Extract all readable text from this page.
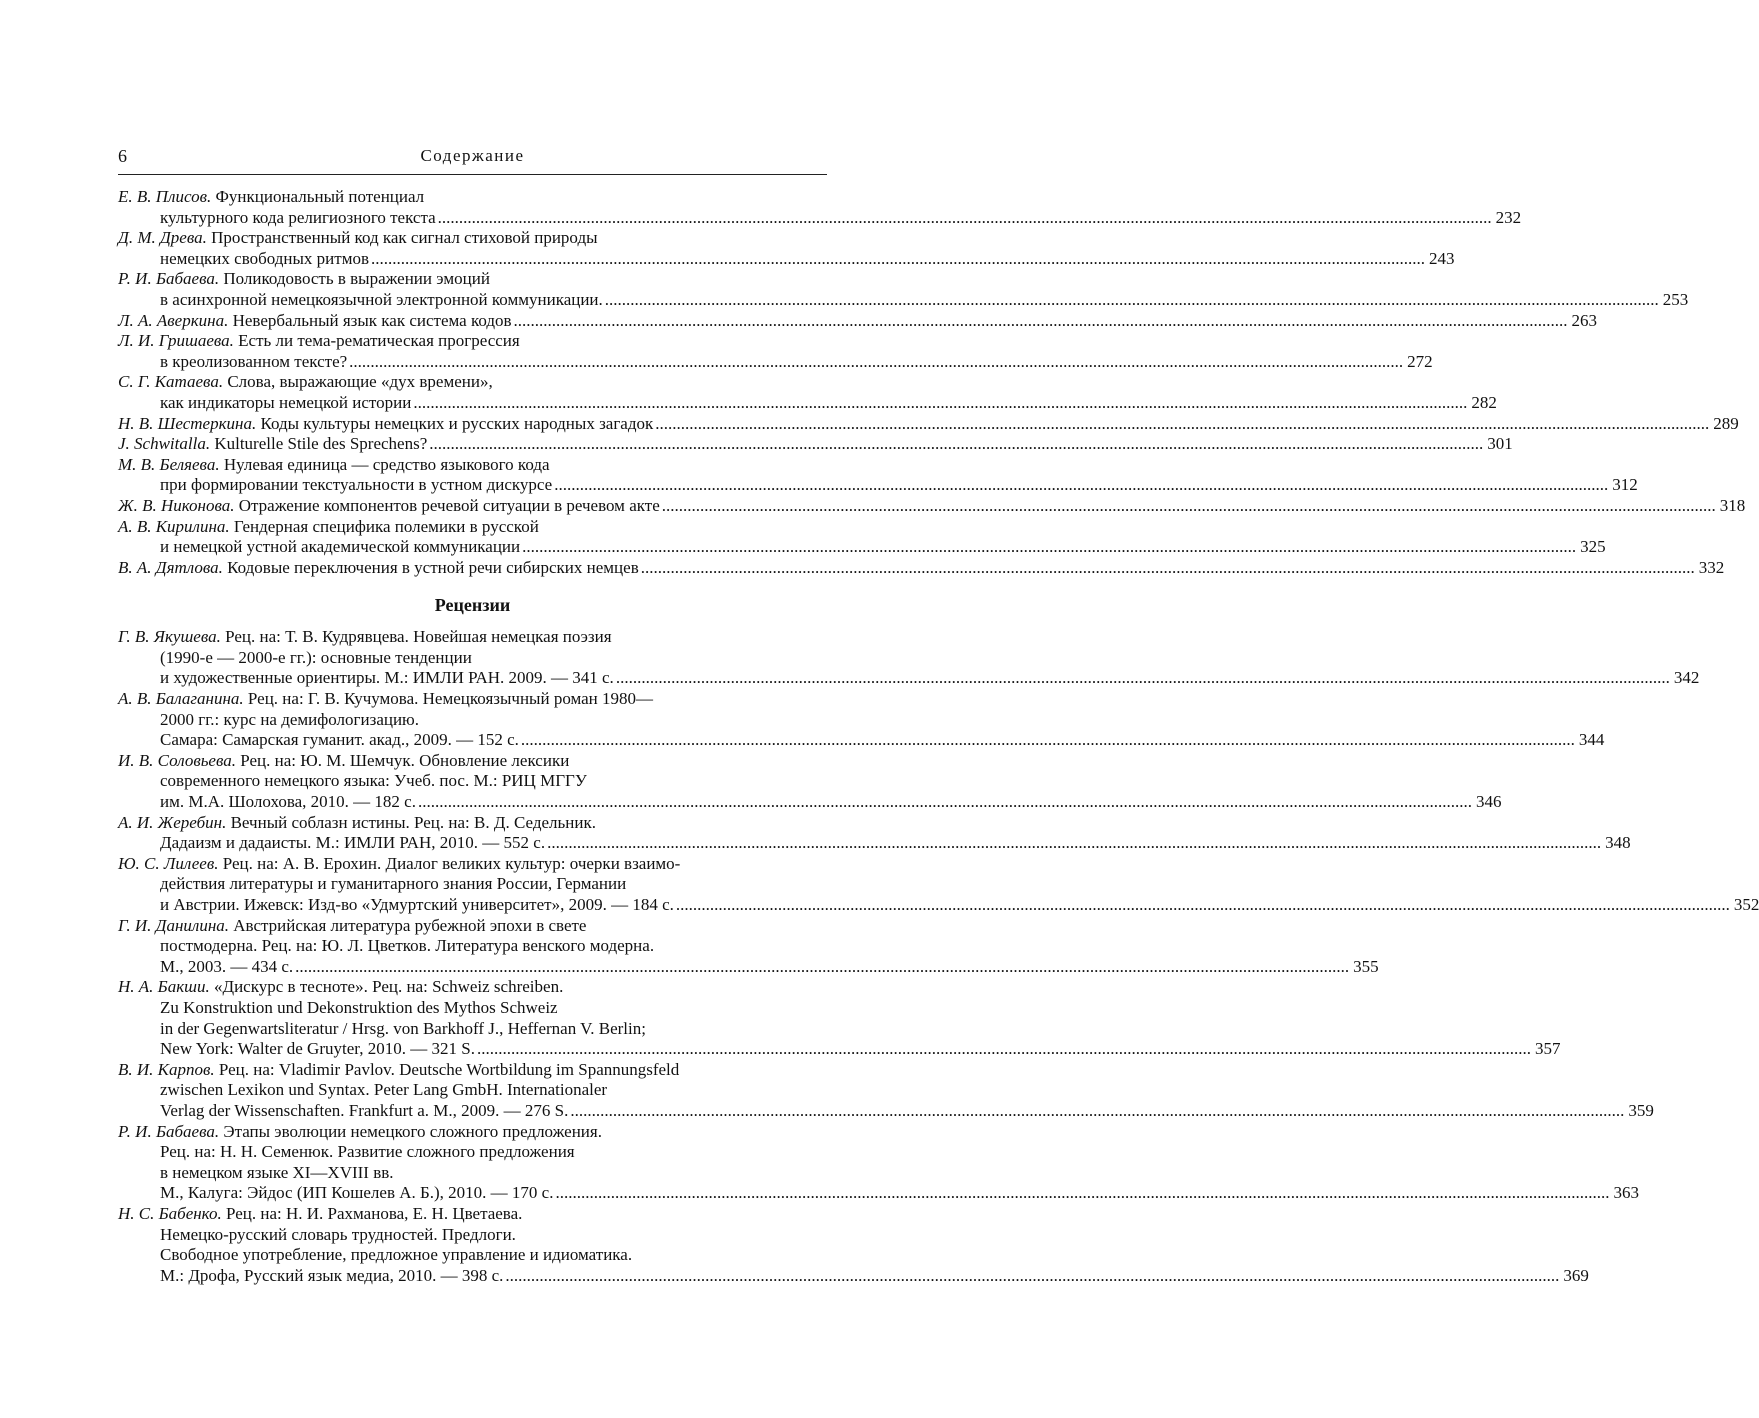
6	Содержание
Е. В. Плисов. Функциональный потенциал
культурного кода религиозного текста .....	232
Д. М. Древа. Пространственный код как сигнал стиховой природы
немецких свободных ритмов .....	243
Р. И. Бабаева. Поликодовость в выражении эмоций
в асинхронной немецкоязычной электронной коммуникации. .....	253
Л. А. Аверкина. Невербальный язык как система кодов .....	263
Л. И. Гришаева. Есть ли тема-рематическая прогрессия
в креолизованном тексте? .....	272
С. Г. Катаева. Слова, выражающие «дух времени»,
как индикаторы немецкой истории .....	282
Н. В. Шестеркина. Коды культуры немецких и русских народных загадок .....	289
J. Schwitalla. Kulturelle Stile des Sprechens? .....	301
М. В. Беляева. Нулевая единица — средство языкового кода
при формировании текстуальности в устном дискурсе .....	312
Ж. В. Никонова. Отражение компонентов речевой ситуации в речевом акте .....	318
А. В. Кирилина. Гендерная специфика полемики в русской
и немецкой устной академической коммуникации .....	325
В. А. Дятлова. Кодовые переключения в устной речи сибирских немцев .....	332
Рецензии
Г. В. Якушева. Рец. на: Т. В. Кудрявцева. Новейшая немецкая поэзия
(1990-е — 2000-е гг.): основные тенденции
и художественные ориентиры. М.: ИМЛИ РАН. 2009. — 341 с. .....	342
А. В. Балаганина. Рец. на: Г. В. Кучумова. Немецкоязычный роман 1980—
2000 гг.: курс на демифологизацию.
Самара: Самарская гуманит. акад., 2009. — 152 с. .....	344
И. В. Соловьева. Рец. на: Ю. М. Шемчук. Обновление лексики
современного немецкого языка: Учеб. пос. М.: РИЦ МГГУ
им. М.А. Шолохова, 2010. — 182 с. .....	346
А. И. Жеребин. Вечный соблазн истины. Рец. на: В. Д. Седельник.
Дадаизм и дадаисты. М.: ИМЛИ РАН, 2010. — 552 с. .....	348
Ю. С. Лилеев. Рец. на: А. В. Ерохин. Диалог великих культур: очерки взаимо-
действия литературы и гуманитарного знания России, Германии
и Австрии. Ижевск: Изд-во «Удмуртский университет», 2009. — 184 с. .....	352
Г. И. Данилина. Австрийская литература рубежной эпохи в свете
постмодерна. Рец. на: Ю. Л. Цветков. Литература венского модерна.
М., 2003. — 434 с. .....	355
Н. А. Бакши. «Дискурс в тесноте». Рец. на: Schweiz schreiben.
Zu Konstruktion und Dekonstruktion des Mythos Schweiz
in der Gegenwartsliteratur / Hrsg. von Barkhoff J., Heffernan V. Berlin;
New York: Walter de Gruyter, 2010. — 321 S. .....	357
В. И. Карпов. Рец. на: Vladimir Pavlov. Deutsche Wortbildung im Spannungsfeld
zwischen Lexikon und Syntax. Peter Lang GmbH. Internationaler
Verlag der Wissenschaften. Frankfurt a. M., 2009. — 276 S. .....	359
Р. И. Бабаева. Этапы эволюции немецкого сложного предложения.
Рец. на: Н. Н. Семенюк. Развитие сложного предложения
в немецком языке XI—XVIII вв.
М., Калуга: Эйдос (ИП Кошелев А. Б.), 2010. — 170 с. .....	363
Н. С. Бабенко. Рец. на: Н. И. Рахманова, Е. Н. Цветаева.
Немецко-русский словарь трудностей. Предлоги.
Свободное употребление, предложное управление и идиоматика.
М.: Дрофа, Русский язык медиа, 2010. — 398 с. .....	369
